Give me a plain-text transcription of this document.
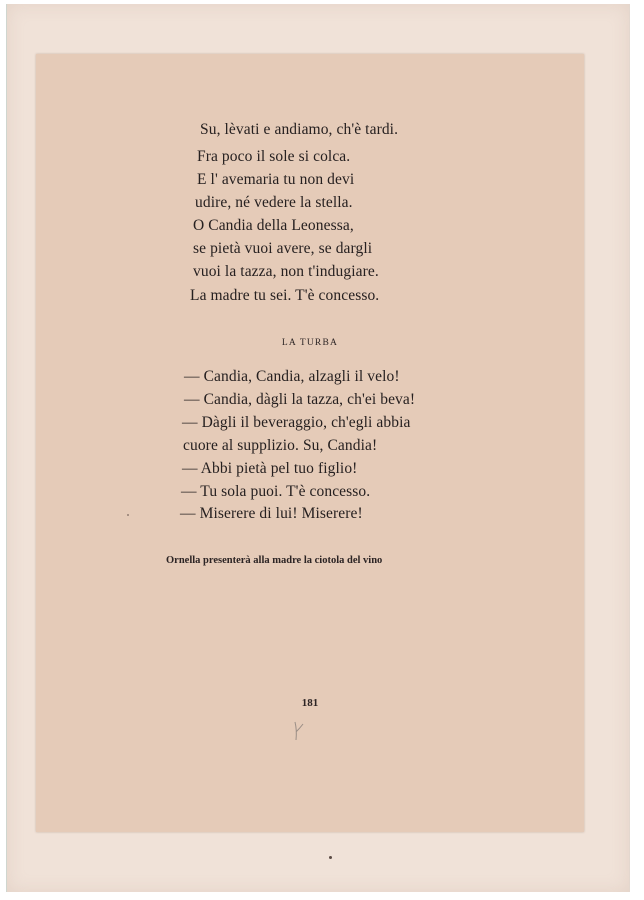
Su, lèvati e andiamo, ch'è tardi.
Fra poco il sole si colca.
E l' avemaria tu non devi
udire, né vedere la stella.
O Candia della Leonessa,
se pietà vuoi avere, se dargli
vuoi la tazza, non t'indugiare.
La madre tu sei. T'è concesso.
LA TURBA
— Candia, Candia, alzagli il velo!
— Candia, dàgli la tazza, ch'ei beva!
— Dàgli il beveraggio, ch'egli abbia
cuore al supplizio. Su, Candia!
— Abbi pietà pel tuo figlio!
— Tu sola puoi. T'è concesso.
— Miserere di lui! Miserere!
Ornella presenterà alla madre la ciotola del vino
181
